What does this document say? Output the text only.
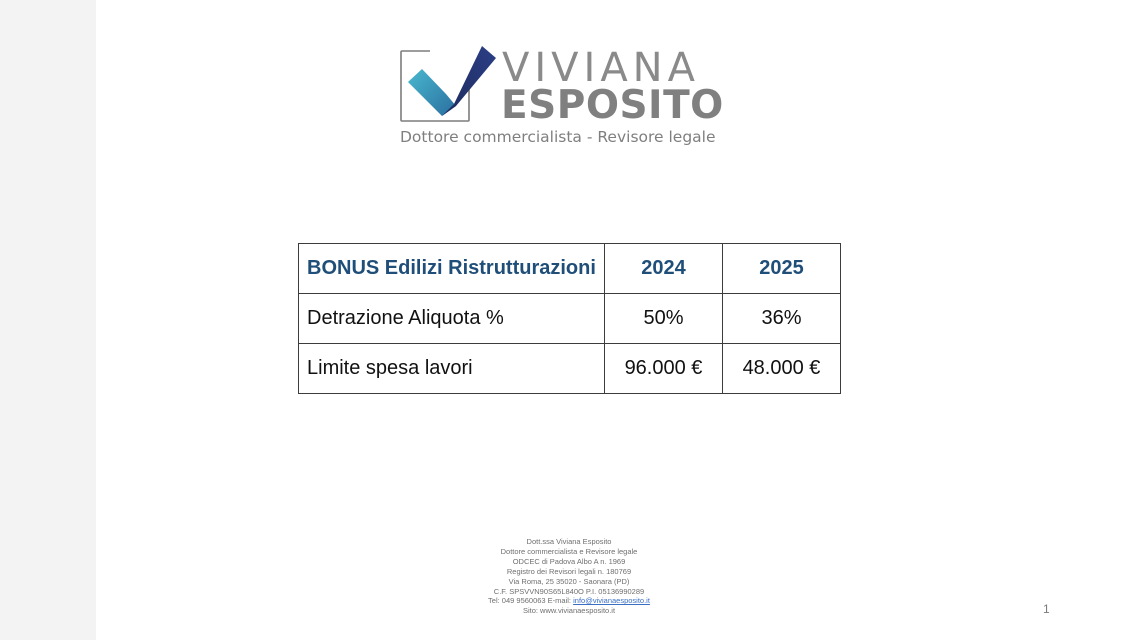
VIVIANA
ESPOSITO
Dottore commercialista - Revisore legale
BONUS Edilizi Ristrutturazioni	2024	2025
Detrazione Aliquota %	50%	36%
Limite spesa lavori	96.000 €	48.000 €
Dott.ssa Viviana Esposito
Dottore commercialista e Revisore legale
ODCEC di Padova Albo A n. 1969
Registro dei Revisori legali n. 180769
Via Roma, 25 35020 - Saonara (PD)
C.F. SPSVVN90S65L840O P.I. 05136990289
Tel: 049 9560063 E-mail: info@vivianaesposito.it
Sito: www.vivianaesposito.it	1
